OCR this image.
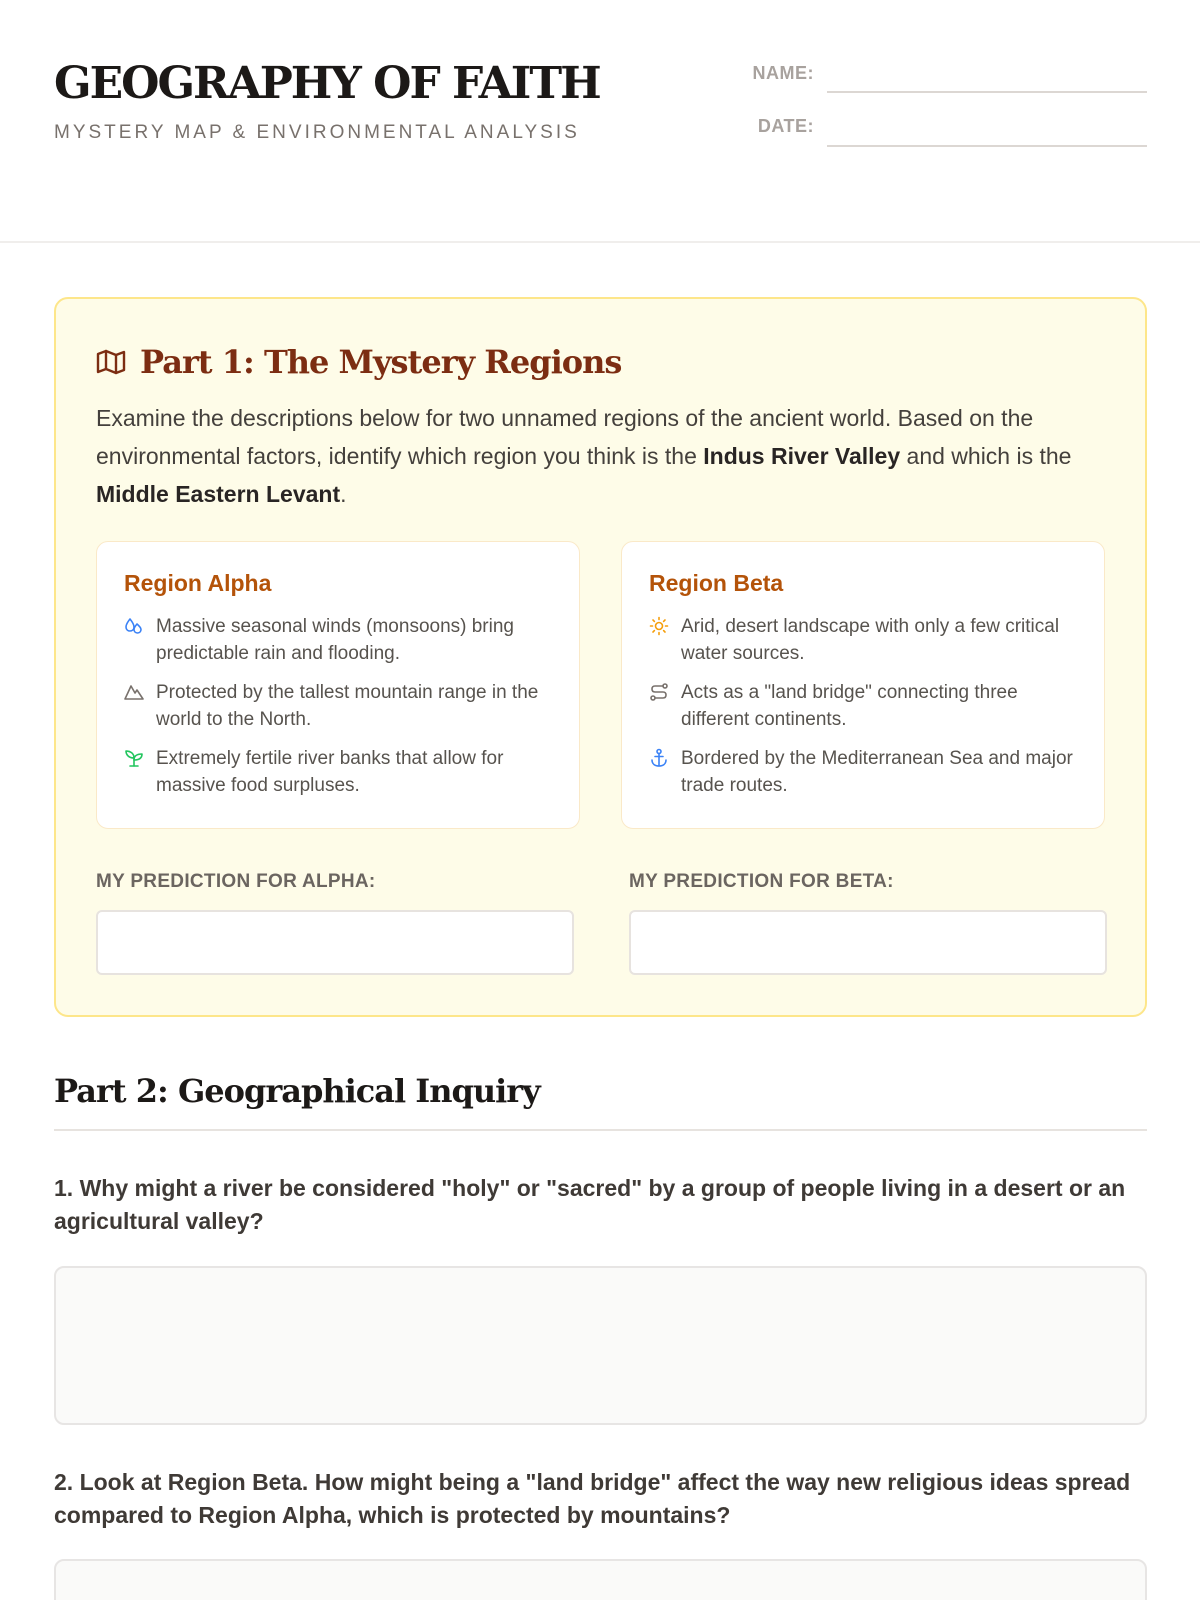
GEOGRAPHY OF FAITH
MYSTERY MAP & ENVIRONMENTAL ANALYSIS
NAME:
DATE:
Part 1: The Mystery Regions

Examine the descriptions below for two unnamed regions of the ancient world. Based on the environmental factors, identify which region you think is the Indus River Valley and which is the Middle Eastern Levant.

Region Alpha
Massive seasonal winds (monsoons) bring predictable rain and flooding.
Protected by the tallest mountain range in the world to the North.
Extremely fertile river banks that allow for massive food surpluses.
Region Beta
Arid, desert landscape with only a few critical water sources.
Acts as a "land bridge" connecting three different continents.
Bordered by the Mediterranean Sea and major trade routes.
MY PREDICTION FOR ALPHA:	MY PREDICTION FOR BETA:
Part 2: Geographical Inquiry

1. Why might a river be considered "holy" or "sacred" by a group of people living in a desert or an agricultural valley?

2. Look at Region Beta. How might being a "land bridge" affect the way new religious ideas spread compared to Region Alpha, which is protected by mountains?
